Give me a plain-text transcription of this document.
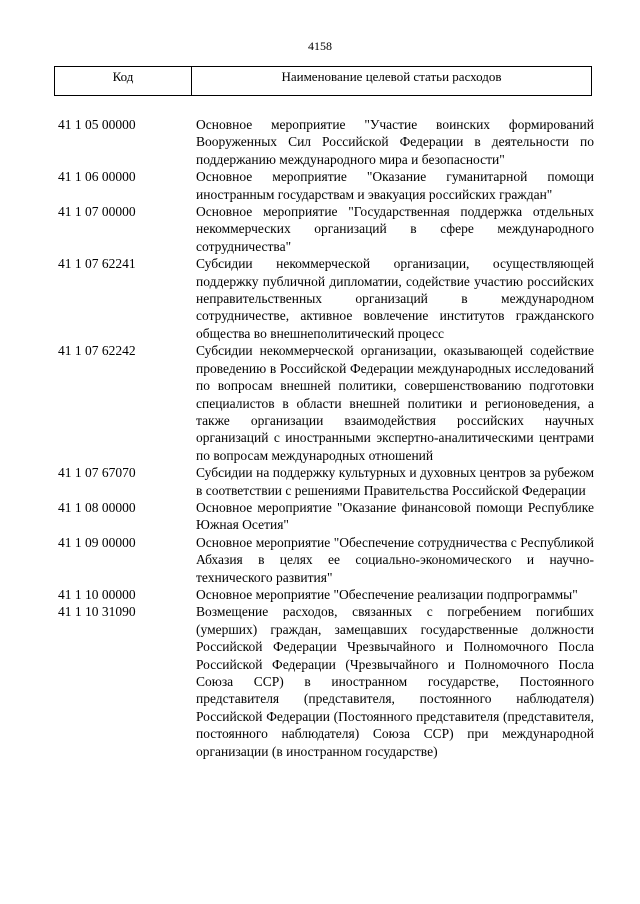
4158
Код	Наименование целевой статьи расходов
41 1 05 00000	Основное мероприятие "Участие воинских формирований Вооруженных Сил Российской Федерации в деятельности по поддержанию международного мира и безопасности"
41 1 06 00000	Основное мероприятие "Оказание гуманитарной помощи иностранным государствам и эвакуация российских граждан"
41 1 07 00000	Основное мероприятие "Государственная поддержка отдельных некоммерческих организаций в сфере международного сотрудничества"
41 1 07 62241	Субсидии некоммерческой организации, осуществляющей поддержку публичной дипломатии, содействие участию российских неправительственных организаций в международном сотрудничестве, активное вовлечение институтов гражданского общества во внешнеполитический процесс
41 1 07 62242	Субсидии некоммерческой организации, оказывающей содействие проведению в Российской Федерации международных исследований по вопросам внешней политики, совершенствованию подготовки специалистов в области внешней политики и регионоведения, а также организации взаимодействия российских научных организаций с иностранными экспертно-аналитическими центрами по вопросам международных отношений
41 1 07 67070	Субсидии на поддержку культурных и духовных центров за рубежом в соответствии с решениями Правительства Российской Федерации
41 1 08 00000	Основное мероприятие "Оказание финансовой помощи Республике Южная Осетия"
41 1 09 00000	Основное мероприятие "Обеспечение сотрудничества с Республикой Абхазия в целях ее социально-экономического и научно-технического развития"
41 1 10 00000	Основное мероприятие "Обеспечение реализации подпрограммы"
41 1 10 31090	Возмещение расходов, связанных с погребением погибших (умерших) граждан, замещавших государственные должности Российской Федерации Чрезвычайного и Полномочного Посла Российской Федерации (Чрезвычайного и Полномочного Посла Союза ССР) в иностранном государстве, Постоянного представителя (представителя, постоянного наблюдателя) Российской Федерации (Постоянного представителя (представителя, постоянного наблюдателя) Союза ССР) при международной организации (в иностранном государстве)
